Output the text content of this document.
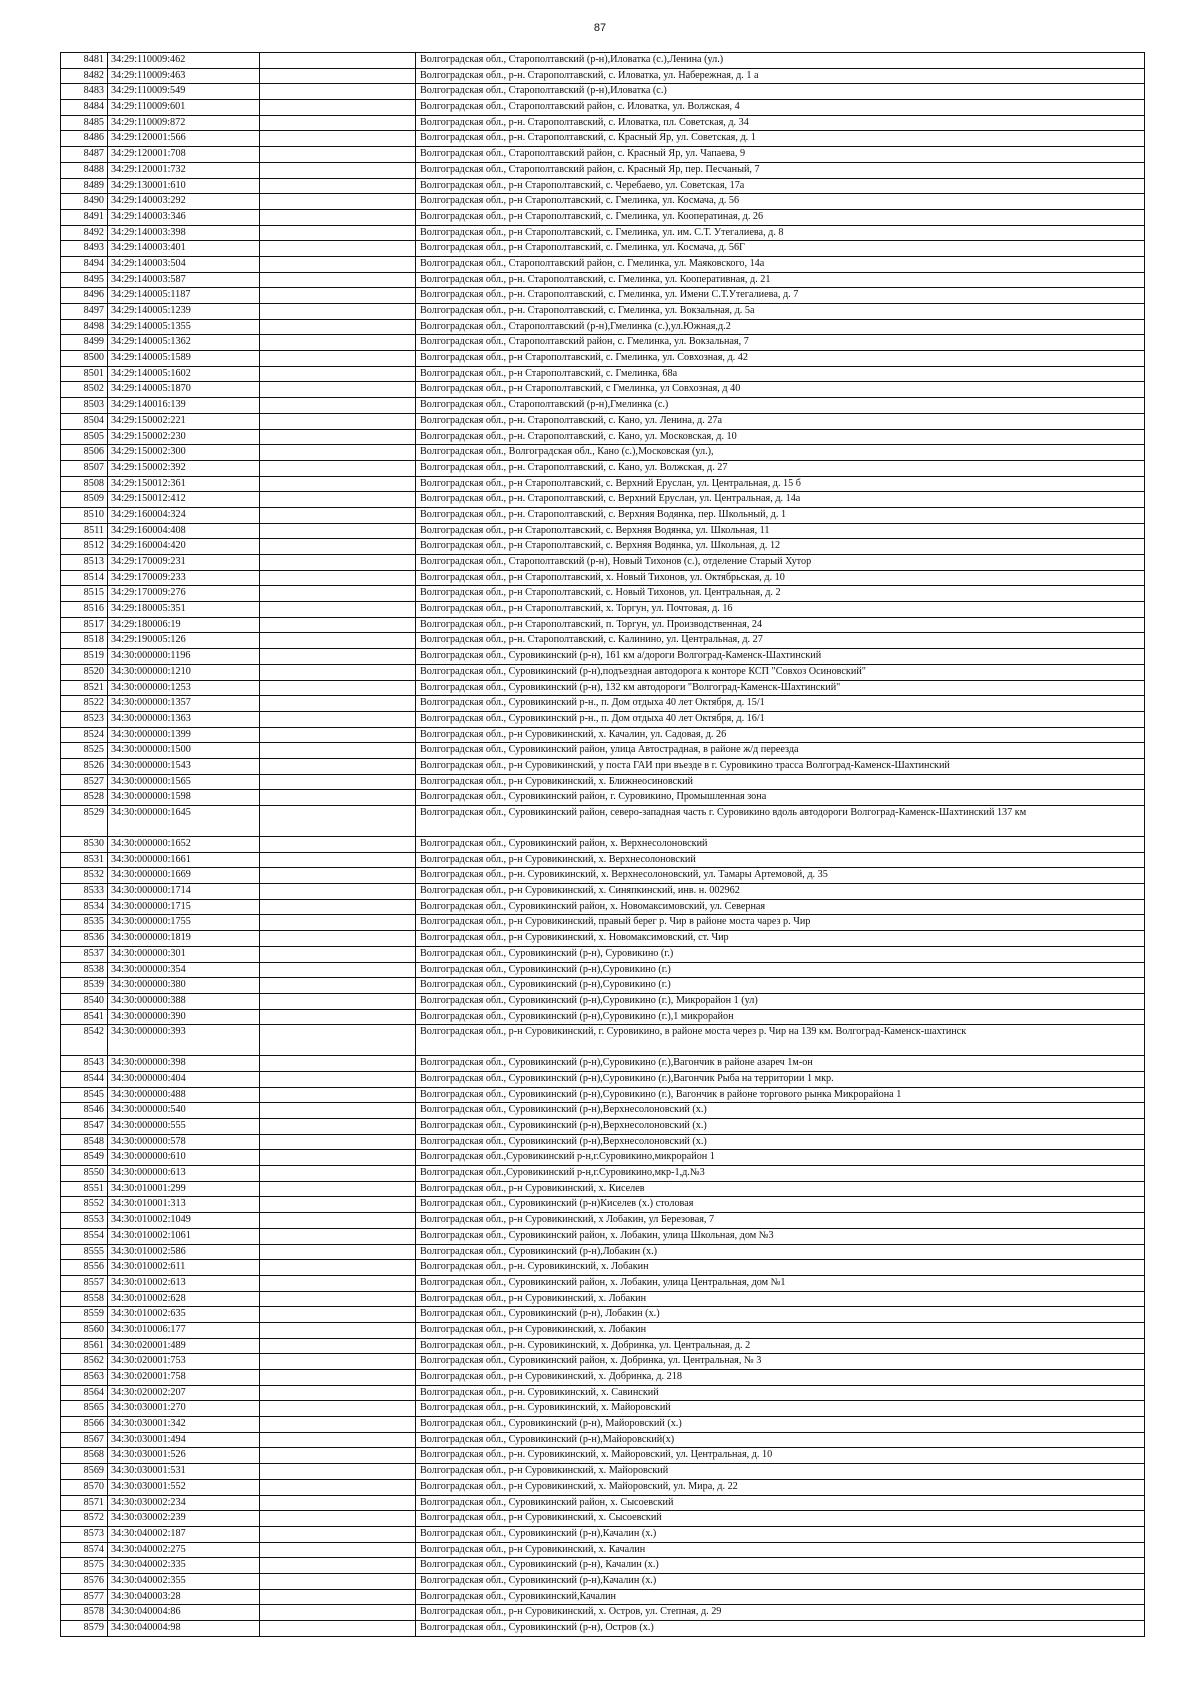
87
8481	34:29:110009:462		Волгоградская обл., Старополтавский (р-н),Иловатка (с.),Ленина (ул.)
8482	34:29:110009:463		Волгоградская обл., р-н. Старополтавский, с. Иловатка, ул. Набережная, д. 1 а
8483	34:29:110009:549		Волгоградская обл., Старополтавский (р-н),Иловатка (с.)
8484	34:29:110009:601		Волгоградская обл., Старополтавский район, с. Иловатка, ул. Волжская, 4
8485	34:29:110009:872		Волгоградская обл., р-н. Старополтавский, с. Иловатка, пл. Советская, д. 34
8486	34:29:120001:566		Волгоградская обл., р-н. Старополтавский, с. Красный Яр, ул. Советская, д. 1
8487	34:29:120001:708		Волгоградская обл., Старополтавский район, с. Красный Яр, ул. Чапаева, 9
8488	34:29:120001:732		Волгоградская обл., Старополтавский район, с. Красный Яр, пер. Песчаный, 7
8489	34:29:130001:610		Волгоградская обл., р-н Старополтавский, с. Черебаево, ул. Советская, 17а
8490	34:29:140003:292		Волгоградская обл., р-н Старополтавский, с. Гмелинка, ул. Космача, д. 56
8491	34:29:140003:346		Волгоградская обл., р-н Старополтавский, с. Гмелинка, ул. Кооператиная, д. 26
8492	34:29:140003:398		Волгоградская обл., р-н Старополтавский, с. Гмелинка, ул. им. С.Т. Утегалиева, д. 8
8493	34:29:140003:401		Волгоградская обл., р-н Старополтавский, с. Гмелинка, ул. Космача, д. 56Г
8494	34:29:140003:504		Волгоградская обл., Старополтавский район, с. Гмелинка, ул. Маяковского, 14а
8495	34:29:140003:587		Волгоградская обл., р-н. Старополтавский, с. Гмелинка, ул. Кооперативная, д. 21
8496	34:29:140005:1187		Волгоградская обл., р-н. Старополтавский, с. Гмелинка, ул. Имени С.Т.Утегалиева, д. 7
8497	34:29:140005:1239		Волгоградская обл., р-н. Старополтавский, с. Гмелинка, ул. Вокзальная, д. 5а
8498	34:29:140005:1355		Волгоградская обл., Старополтавский (р-н),Гмелинка (с.),ул.Южная,д.2
8499	34:29:140005:1362		Волгоградская обл., Старополтавский район, с. Гмелинка, ул. Вокзальная, 7
8500	34:29:140005:1589		Волгоградская обл., р-н Старополтавский, с. Гмелинка, ул. Совхозная, д. 42
8501	34:29:140005:1602		Волгоградская обл., р-н Старополтавский, с. Гмелинка, 68а
8502	34:29:140005:1870		Волгоградская обл., р-н Старополтавский, с Гмелинка, ул Совхозная, д 40
8503	34:29:140016:139		Волгоградская обл., Старополтавский (р-н),Гмелинка (с.)
8504	34:29:150002:221		Волгоградская обл., р-н. Старополтавский, с. Кано, ул. Ленина, д. 27а
8505	34:29:150002:230		Волгоградская обл., р-н. Старополтавский, с. Кано, ул. Московская, д. 10
8506	34:29:150002:300		Волгоградская обл., Волгоградская обл., Кано (с.),Московская (ул.),
8507	34:29:150002:392		Волгоградская обл., р-н. Старополтавский, с. Кано, ул. Волжская, д. 27
8508	34:29:150012:361		Волгоградская обл., р-н Старополтавский, с. Верхний Еруслан, ул. Центральная, д. 15 б
8509	34:29:150012:412		Волгоградская обл., р-н. Старополтавский, с. Верхний Еруслан, ул. Центральная, д. 14а
8510	34:29:160004:324		Волгоградская обл., р-н. Старополтавский, с. Верхняя Водянка, пер. Школьный, д. 1
8511	34:29:160004:408		Волгоградская обл., р-н Старополтавский, с. Верхняя Водянка, ул. Школьная, 11
8512	34:29:160004:420		Волгоградская обл., р-н Старополтавский, с. Верхняя Водянка, ул. Школьная, д. 12
8513	34:29:170009:231		Волгоградская обл., Старополтавский (р-н), Новый Тихонов (с.), отделение Старый Хутор
8514	34:29:170009:233		Волгоградская обл., р-н Старополтавский, х. Новый Тихонов, ул. Октябрьская, д. 10
8515	34:29:170009:276		Волгоградская обл., р-н Старополтавский, с. Новый Тихонов, ул. Центральная, д. 2
8516	34:29:180005:351		Волгоградская обл., р-н Старополтавский, х. Торгун, ул. Почтовая, д. 16
8517	34:29:180006:19		Волгоградская обл., р-н Старополтавский, п. Торгун, ул. Производственная, 24
8518	34:29:190005:126		Волгоградская обл., р-н. Старополтавский, с. Калинино, ул. Центральная, д. 27
8519	34:30:000000:1196		Волгоградская обл., Суровикинский (р-н), 161 км а/дороги Волгоград-Каменск-Шахтинский
8520	34:30:000000:1210		Волгоградская обл., Суровикинский (р-н),подъездная автодорога к конторе КСП "Совхоз Осиновский"
8521	34:30:000000:1253		Волгоградская обл., Суровикинский (р-н), 132 км автодороги "Волгоград-Каменск-Шахтинский"
8522	34:30:000000:1357		Волгоградская обл., Суровикинский р-н., п. Дом отдыха 40 лет Октября, д. 15/1
8523	34:30:000000:1363		Волгоградская обл., Суровикинский р-н., п. Дом отдыха 40 лет Октября, д. 16/1
8524	34:30:000000:1399		Волгоградская обл., р-н Суровикинский, х. Качалин, ул. Садовая, д. 26
8525	34:30:000000:1500		Волгоградская обл., Суровикинский район, улица Автострадная, в районе ж/д переезда
8526	34:30:000000:1543		Волгоградская обл., р-н Суровикинский, у поста ГАИ при въезде в г. Суровикино трасса Волгоград-Каменск-Шахтинский
8527	34:30:000000:1565		Волгоградская обл., р-н Суровикинский, х. Ближнеосиновский
8528	34:30:000000:1598		Волгоградская обл., Суровикинский район, г. Суровикино, Промышленная зона
8529	34:30:000000:1645		Волгоградская обл., Суровикинский район, северо-западная часть г. Суровикино вдоль автодороги Волгоград-Каменск-Шахтинский 137 км
8530	34:30:000000:1652		Волгоградская обл., Суровикинский район, х. Верхнесолоновский
8531	34:30:000000:1661		Волгоградская обл., р-н Суровикинский, х. Верхнесолоновский
8532	34:30:000000:1669		Волгоградская обл., р-н. Суровикинский, х. Верхнесолоновский, ул. Тамары Артемовой, д. 35
8533	34:30:000000:1714		Волгоградская обл., р-н Суровикинский, х. Синяпкинский, инв. н. 002962
8534	34:30:000000:1715		Волгоградская обл., Суровикинский район, х. Новомаксимовский, ул. Северная
8535	34:30:000000:1755		Волгоградская обл., р-н Суровикинский, правый берег р. Чир в районе моста чарез р. Чир
8536	34:30:000000:1819		Волгоградская обл., р-н Суровикинский, х. Новомаксимовский, ст. Чир
8537	34:30:000000:301		Волгоградская обл., Суровикинский (р-н), Суровикино (г.)
8538	34:30:000000:354		Волгоградская обл., Суровикинский (р-н),Суровикино (г.)
8539	34:30:000000:380		Волгоградская обл., Суровикинский (р-н),Суровикино (г.)
8540	34:30:000000:388		Волгоградская обл., Суровикинский (р-н),Суровикино (г.), Микрорайон 1 (ул)
8541	34:30:000000:390		Волгоградская обл., Суровикинский (р-н),Суровикино (г.),1 микрорайон
8542	34:30:000000:393		Волгоградская обл., р-н Суровикинский, г. Суровикино, в районе моста через р. Чир на 139 км. Волгоград-Каменск-шахтинск
8543	34:30:000000:398		Волгоградская обл., Суровикинский (р-н),Суровикино (г.),Вагончик в районе азареч 1м-он
8544	34:30:000000:404		Волгоградская обл., Суровикинский (р-н),Суровикино (г.),Вагончик Рыба на территории 1 мкр.
8545	34:30:000000:488		Волгоградская обл., Суровикинский (р-н),Суровикино (г.), Вагончик в районе торгового рынка Микрорайона 1
8546	34:30:000000:540		Волгоградская обл., Суровикинский (р-н),Верхнесолоновский (х.)
8547	34:30:000000:555		Волгоградская обл., Суровикинский (р-н),Верхнесолоновский (х.)
8548	34:30:000000:578		Волгоградская обл., Суровикинский (р-н),Верхнесолоновский (х.)
8549	34:30:000000:610		Волгоградская обл.,Суровикинский р-н,г.Суровикино,микрорайон 1
8550	34:30:000000:613		Волгоградская обл.,Суровикинский р-н,г.Суровикино,мкр-1,д.№3
8551	34:30:010001:299		Волгоградская обл., р-н Суровикинский, х. Киселев
8552	34:30:010001:313		Волгоградская обл., Суровикинский (р-н)Киселев (х.) столовая
8553	34:30:010002:1049		Волгоградская обл., р-н Суровикинский, х Лобакин, ул Березовая, 7
8554	34:30:010002:1061		Волгоградская обл., Суровикинский район, х. Лобакин, улица Школьная, дом №3
8555	34:30:010002:586		Волгоградская обл., Суровикинский (р-н),Лобакин (х.)
8556	34:30:010002:611		Волгоградская обл., р-н. Суровикинский, х. Лобакин
8557	34:30:010002:613		Волгоградская обл., Суровикинский район, х. Лобакин, улица Центральная, дом №1
8558	34:30:010002:628		Волгоградская обл., р-н Суровикинский, х. Лобакин
8559	34:30:010002:635		Волгоградская обл., Суровикинский (р-н), Лобакин (х.)
8560	34:30:010006:177		Волгоградская обл., р-н Суровикинский, х. Лобакин
8561	34:30:020001:489		Волгоградская обл., р-н. Суровикинский, х. Добринка, ул. Центральная, д. 2
8562	34:30:020001:753		Волгоградская обл., Суровикинский район, х. Добринка, ул. Центральная, № 3
8563	34:30:020001:758		Волгоградская обл., р-н Суровикинский, х. Добринка, д. 218
8564	34:30:020002:207		Волгоградская обл., р-н. Суровикинский, х. Савинский
8565	34:30:030001:270		Волгоградская обл., р-н. Суровикинский, х. Майоровский
8566	34:30:030001:342		Волгоградская обл., Суровикинский (р-н), Майоровский (х.)
8567	34:30:030001:494		Волгоградская обл., Суровикинский (р-н),Майоровский(х)
8568	34:30:030001:526		Волгоградская обл., р-н. Суровикинский, х. Майоровский, ул. Центральная, д. 10
8569	34:30:030001:531		Волгоградская обл., р-н Суровикинский, х. Майоровский
8570	34:30:030001:552		Волгоградская обл., р-н Суровикинский, х. Майоровский, ул. Мира, д. 22
8571	34:30:030002:234		Волгоградская обл., Суровикинский район, х. Сысоевский
8572	34:30:030002:239		Волгоградская обл., р-н Суровикинский, х. Сысоевский
8573	34:30:040002:187		Волгоградская обл., Суровикинский (р-н),Качалин (х.)
8574	34:30:040002:275		Волгоградская обл., р-н Суровикинский, х. Качалин
8575	34:30:040002:335		Волгоградская обл., Суровикинский (р-н), Качалин (х.)
8576	34:30:040002:355		Волгоградская обл., Суровикинский (р-н),Качалин (х.)
8577	34:30:040003:28		Волгоградская обл., Суровикинский,Качалин
8578	34:30:040004:86		Волгоградская обл., р-н Суровикинский, х. Остров, ул. Степная, д. 29
8579	34:30:040004:98		Волгоградская обл., Суровикинский (р-н), Остров (х.)
